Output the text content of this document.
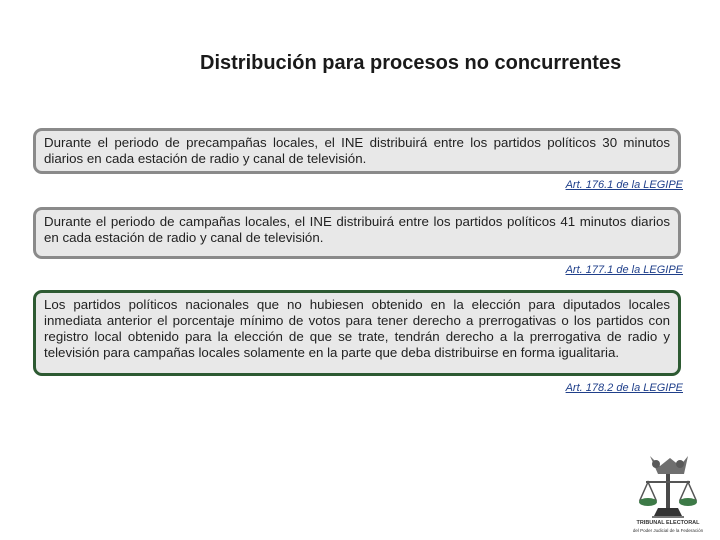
Distribución para procesos no concurrentes
Durante el periodo de precampañas locales, el INE distribuirá entre los partidos políticos 30 minutos diarios en cada estación de radio y canal de televisión.
Art. 176.1 de la LEGIPE
Durante el periodo de campañas locales, el INE distribuirá entre los partidos políticos 41 minutos diarios en cada estación de radio y canal de televisión.
Art. 177.1 de la LEGIPE
Los partidos políticos nacionales que no hubiesen obtenido en la elección para diputados locales inmediata anterior el porcentaje mínimo de votos para tener derecho a prerrogativas o los partidos con registro local obtenido para la elección de que se trate, tendrán derecho a la prerrogativa de radio y televisión para campañas locales solamente en la parte que deba distribuirse en forma igualitaria.
Art. 178.2 de la LEGIPE
TRIBUNAL ELECTORAL
del Poder Judicial de la Federación
